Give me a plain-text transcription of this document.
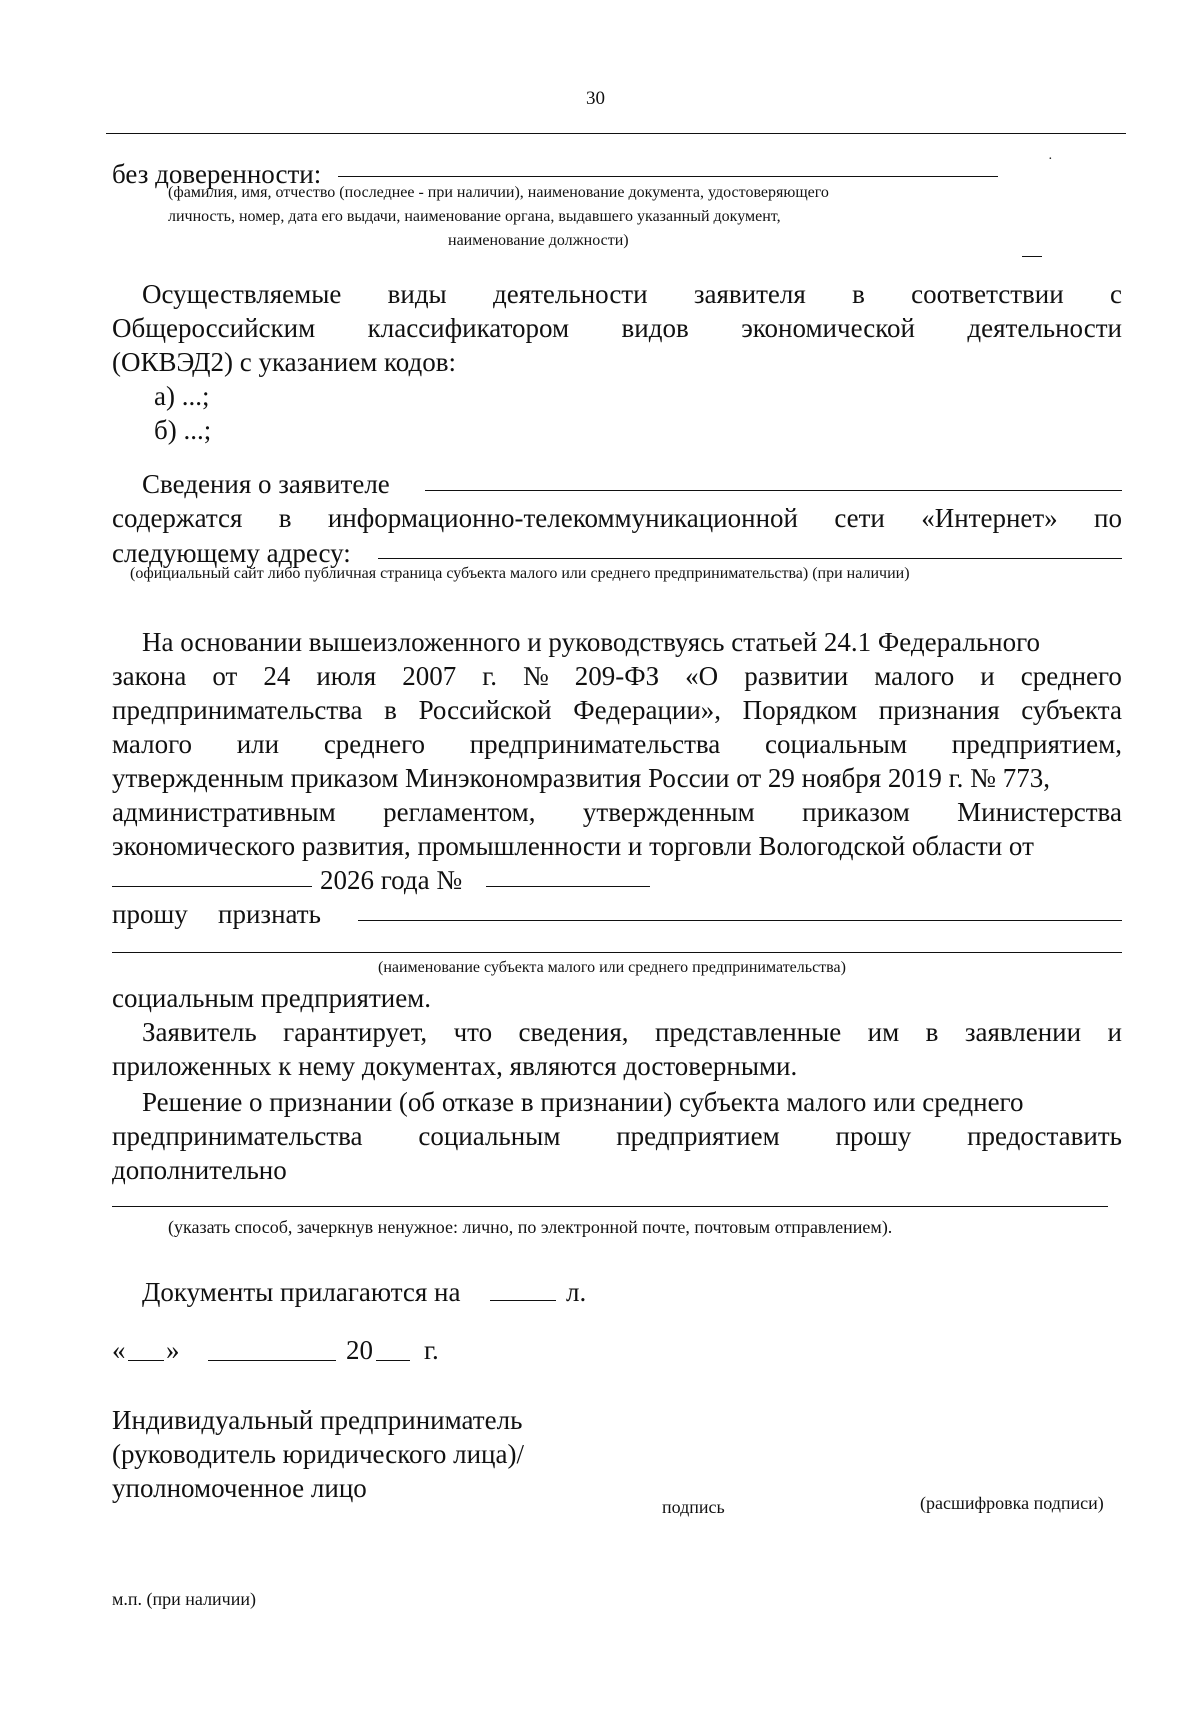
30
без доверенности:	·
(фамилия, имя, отчество (последнее - при наличии), наименование документа, удостоверяющего
личность, номер, дата его выдачи, наименование органа, выдавшего указанный документ,
наименование должности)
Осуществляемые виды деятельности заявителя в соответствии с
Общероссийским классификатором видов экономической деятельности
(ОКВЭД2) с указанием кодов:
а) ...;
б) ...;
Сведения о заявителе
содержатся в информационно-телекоммуникационной сети «Интернет» по
следующему адресу:
(официальный сайт либо публичная страница субъекта малого или среднего предпринимательства) (при наличии)
На основании вышеизложенного и руководствуясь статьей 24.1 Федерального
закона от 24 июля 2007 г. № 209-ФЗ «О развитии малого и среднего
предпринимательства в Российской Федерации», Порядком признания субъекта
малого или среднего предпринимательства социальным предприятием,
утвержденным приказом Минэкономразвития России от 29 ноября 2019 г. № 773,
административным регламентом, утвержденным приказом Министерства
экономического развития, промышленности и торговли Вологодской области от
2026 года №
прошу признать
(наименование субъекта малого или среднего предпринимательства)
социальным предприятием.
Заявитель гарантирует, что сведения, представленные им в заявлении и
приложенных к нему документах, являются достоверными.
Решение о признании (об отказе в признании) субъекта малого или среднего
предпринимательства социальным предприятием прошу предоставить
дополнительно
(указать способ, зачеркнув ненужное: лично, по электронной почте, почтовым отправлением).
Документы прилагаются на	л.
« »	20 г.
Индивидуальный предприниматель
(руководитель юридического лица)/
уполномоченное лицо
подпись	(расшифровка подписи)
м.п. (при наличии)
